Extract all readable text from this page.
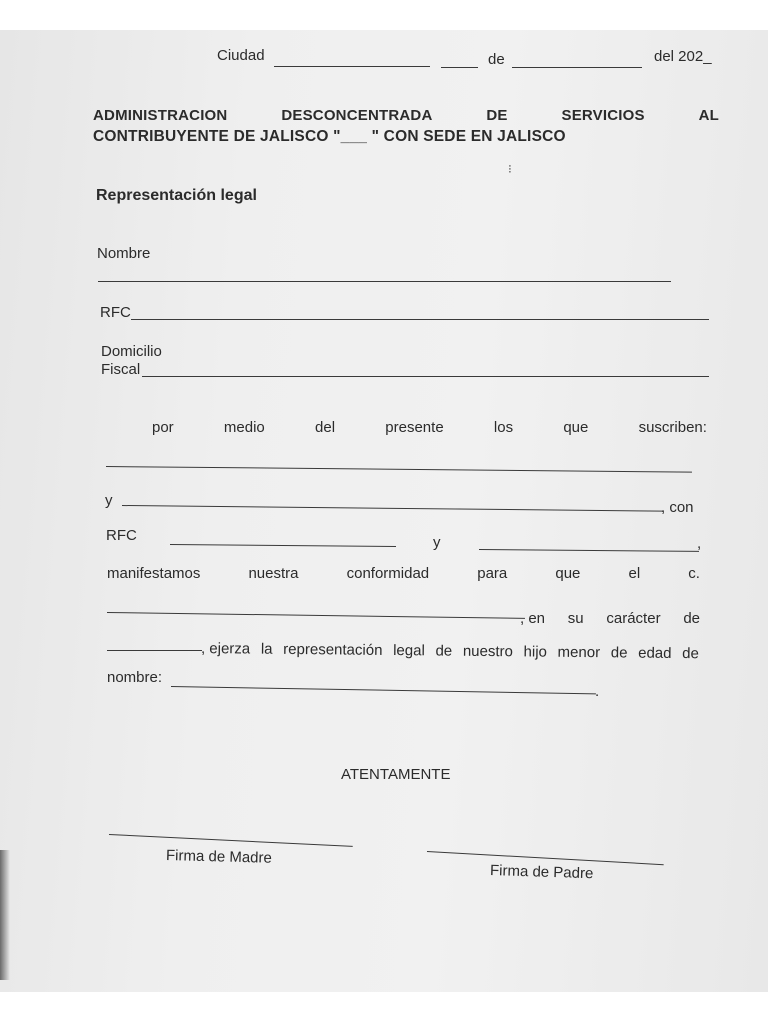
Ciudad	de	del 202_
ADMINISTRACION	DESCONCENTRADA	DE	SERVICIOS	AL
CONTRIBUYENTE DE JALISCO "___ " CON SEDE EN JALISCO
Representación legal
Nombre
RFC
Domicilio
Fiscal
por	medio	del	presente	los	que	suscriben:
y	, con
RFC	y	,
manifestamos	nuestra	conformidad	para	que	el	c.
, en su carácter de
, ejerza la representación legal de nuestro hijo menor de edad de
nombre:
.
ATENTAMENTE
Firma de Madre
Firma de Padre
⁝
